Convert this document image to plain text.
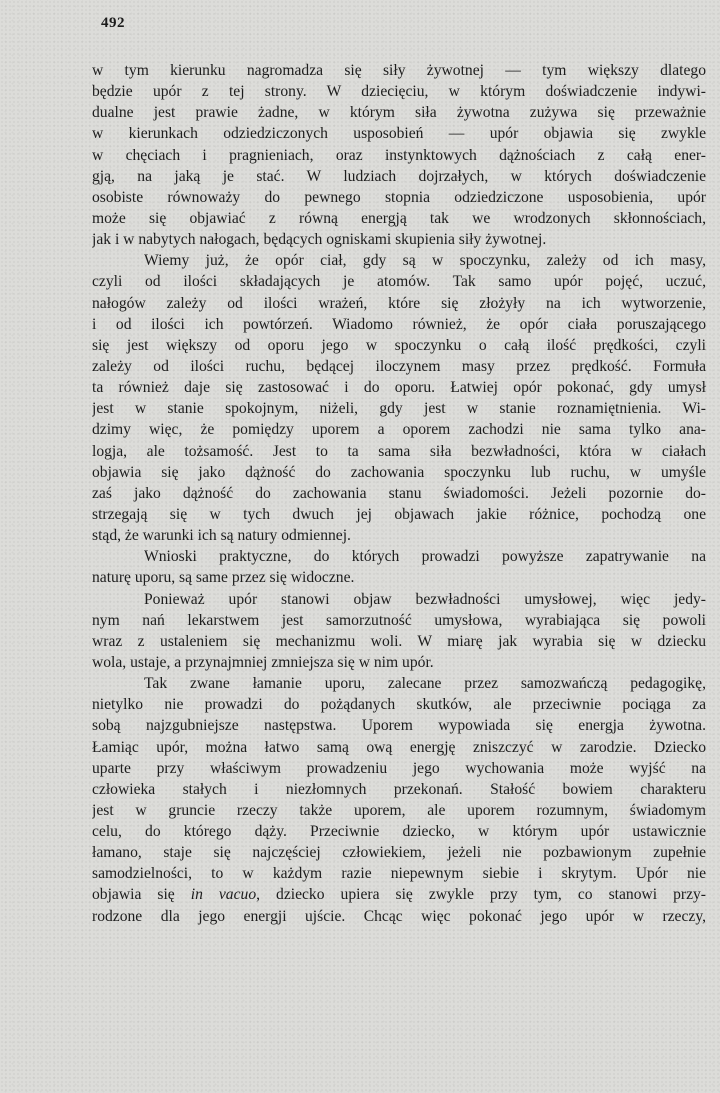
492
w tym kierunku nagromadza się siły żywotnej — tym większy dlatego
będzie upór z tej strony. W dziecięciu, w którym doświadczenie indywi-
dualne jest prawie żadne, w którym siła żywotna zużywa się przeważnie
w kierunkach odziedziczonych usposobień — upór objawia się zwykle
w chęciach i pragnieniach, oraz instynktowych dążnościach z całą ener-
gją, na jaką je stać. W ludziach dojrzałych, w których doświadczenie
osobiste równoważy do pewnego stopnia odziedziczone usposobienia, upór
może się objawiać z równą energją tak we wrodzonych skłonnościach,
jak i w nabytych nałogach, będących ogniskami skupienia siły żywotnej.
Wiemy już, że opór ciał, gdy są w spoczynku, zależy od ich masy,
czyli od ilości składających je atomów. Tak samo upór pojęć, uczuć,
nałogów zależy od ilości wrażeń, które się złożyły na ich wytworzenie,
i od ilości ich powtórzeń. Wiadomo również, że opór ciała poruszającego
się jest większy od oporu jego w spoczynku o całą ilość prędkości, czyli
zależy od ilości ruchu, będącej iloczynem masy przez prędkość. Formuła
ta również daje się zastosować i do oporu. Łatwiej opór pokonać, gdy umysł
jest w stanie spokojnym, niżeli, gdy jest w stanie roznamiętnienia. Wi-
dzimy więc, że pomiędzy uporem a oporem zachodzi nie sama tylko ana-
logja, ale tożsamość. Jest to ta sama siła bezwładności, która w ciałach
objawia się jako dążność do zachowania spoczynku lub ruchu, w umyśle
zaś jako dążność do zachowania stanu świadomości. Jeżeli pozornie do-
strzegają się w tych dwuch jej objawach jakie różnice, pochodzą one
stąd, że warunki ich są natury odmiennej.
Wnioski praktyczne, do których prowadzi powyższe zapatrywanie na
naturę uporu, są same przez się widoczne.
Ponieważ upór stanowi objaw bezwładności umysłowej, więc jedy-
nym nań lekarstwem jest samorzutność umysłowa, wyrabiająca się powoli
wraz z ustaleniem się mechanizmu woli. W miarę jak wyrabia się w dziecku
wola, ustaje, a przynajmniej zmniejsza się w nim upór.
Tak zwane łamanie uporu, zalecane przez samozwańczą pedagogikę,
nietylko nie prowadzi do pożądanych skutków, ale przeciwnie pociąga za
sobą najzgubniejsze następstwa. Uporem wypowiada się energja żywotna.
Łamiąc upór, można łatwo samą ową energję zniszczyć w zarodzie. Dziecko
uparte przy właściwym prowadzeniu jego wychowania może wyjść na
człowieka stałych i niezłomnych przekonań. Stałość bowiem charakteru
jest w gruncie rzeczy także uporem, ale uporem rozumnym, świadomym
celu, do którego dąży. Przeciwnie dziecko, w którym upór ustawicznie
łamano, staje się najczęściej człowiekiem, jeżeli nie pozbawionym zupełnie
samodzielności, to w każdym razie niepewnym siebie i skrytym. Upór nie
objawia się in vacuo, dziecko upiera się zwykle przy tym, co stanowi przy-
rodzone dla jego energji ujście. Chcąc więc pokonać jego upór w rzeczy,
